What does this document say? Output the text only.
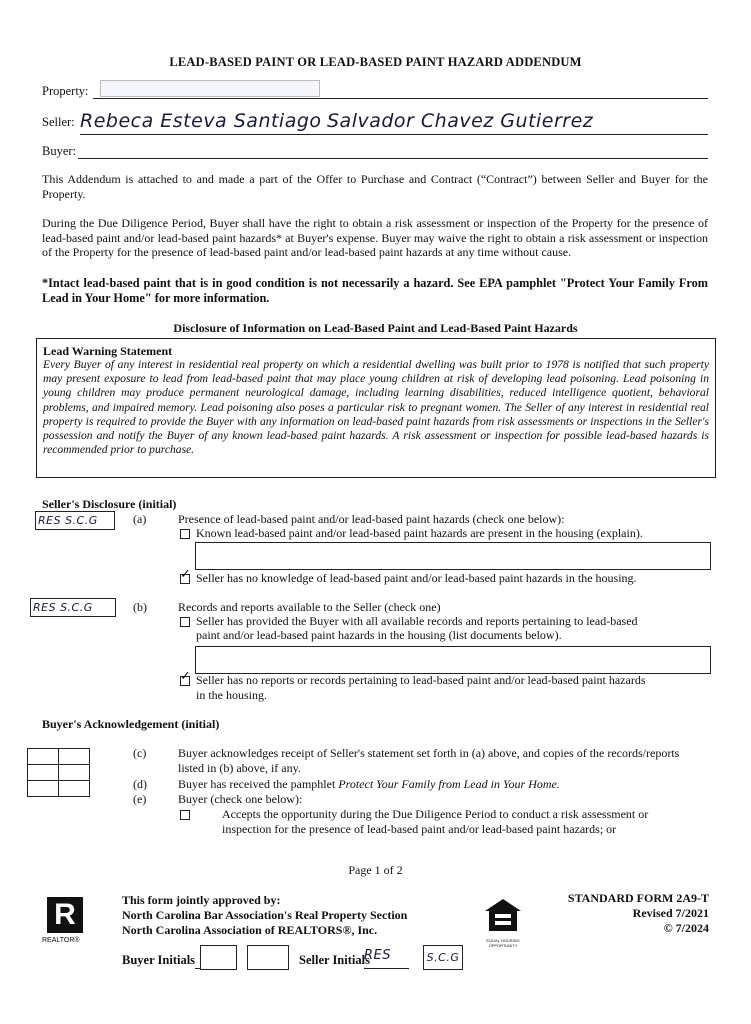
LEAD-BASED PAINT OR LEAD-BASED PAINT HAZARD ADDENDUM
Property:
Seller: Rebeca Esteva Santiago Salvador Chavez Gutierrez
Buyer:
This Addendum is attached to and made a part of the Offer to Purchase and Contract (“Contract”) between Seller and Buyer for the Property.
During the Due Diligence Period, Buyer shall have the right to obtain a risk assessment or inspection of the Property for the presence of lead-based paint and/or lead-based paint hazards* at Buyer's expense. Buyer may waive the right to obtain a risk assessment or inspection of the Property for the presence of lead-based paint and/or lead-based paint hazards at any time without cause.
*Intact lead-based paint that is in good condition is not necessarily a hazard. See EPA pamphlet "Protect Your Family From Lead in Your Home" for more information.
Disclosure of Information on Lead-Based Paint and Lead-Based Paint Hazards
Lead Warning Statement
Every Buyer of any interest in residential real property on which a residential dwelling was built prior to 1978 is notified that such property may present exposure to lead from lead-based paint that may place young children at risk of developing lead poisoning. Lead poisoning in young children may produce permanent neurological damage, including learning disabilities, reduced intelligence quotient, behavioral problems, and impaired memory. Lead poisoning also poses a particular risk to pregnant women. The Seller of any interest in residential real property is required to provide the Buyer with any information on lead-based paint hazards from risk assessments or inspections in the Seller's possession and notify the Buyer of any known lead-based paint hazards. A risk assessment or inspection for possible lead-based hazards is recommended prior to purchase.
Seller's Disclosure (initial)
RES S.C.G	(a)	Presence of lead-based paint and/or lead-based paint hazards (check one below):
Known lead-based paint and/or lead-based paint hazards are present in the housing (explain).
✓ Seller has no knowledge of lead-based paint and/or lead-based paint hazards in the housing.
RES S.C.G	(b)	Records and reports available to the Seller (check one)
Seller has provided the Buyer with all available records and reports pertaining to lead-based
paint and/or lead-based paint hazards in the housing (list documents below).
✓ Seller has no reports or records pertaining to lead-based paint and/or lead-based paint hazards
in the housing.
Buyer's Acknowledgement (initial)

(c)	Buyer acknowledges receipt of Seller's statement set forth in (a) above, and copies of the records/reports
listed in (b) above, if any.
(d)	Buyer has received the pamphlet Protect Your Family from Lead in Your Home.
(e)	Buyer (check one below):
Accepts the opportunity during the Due Diligence Period to conduct a risk assessment or
inspection for the presence of lead-based paint and/or lead-based paint hazards; or
Page 1 of 2
R
REALTOR®
This form jointly approved by:
North Carolina Bar Association's Real Property Section
North Carolina Association of REALTORS®, Inc.
EQUAL HOUSING OPPORTUNITY
STANDARD FORM 2A9-T
Revised 7/2021
© 7/2024
Buyer Initials	Seller Initials
RES	S.C.G
